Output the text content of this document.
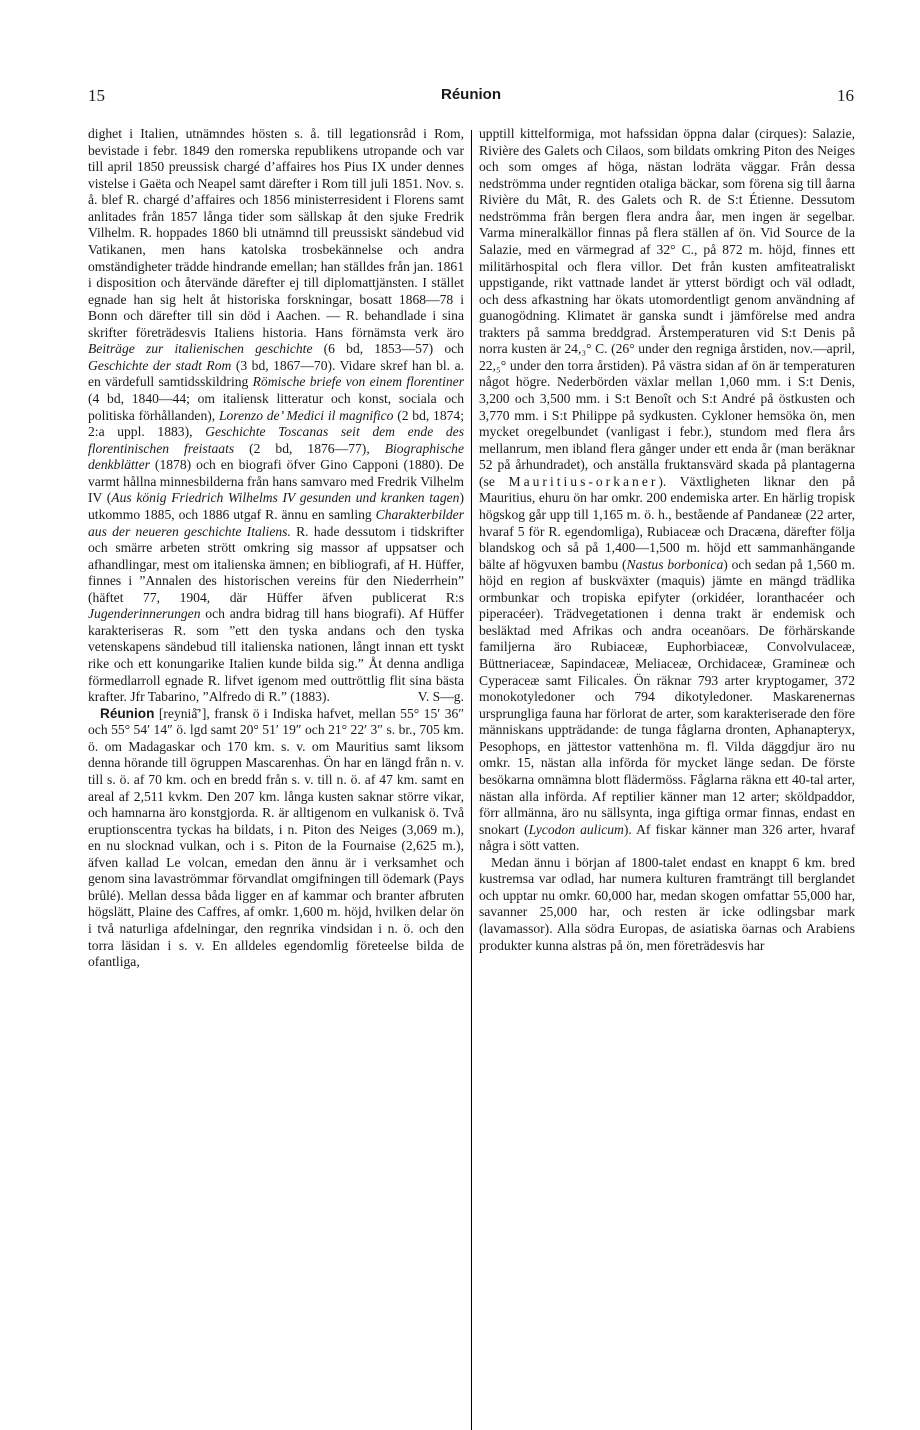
15	Réunion	16

dighet i Italien, utnämndes hösten s. å. till legationsråd i Rom, bevistade i febr. 1849 den romerska republikens utropande och var till april 1850 preussisk chargé d’affaires hos Pius IX under dennes vistelse i Gaëta och Neapel samt därefter i Rom till juli 1851. Nov. s. å. blef R. chargé d’affaires och 1856 ministerresident i Florens samt anlitades från 1857 långa tider som sällskap åt den sjuke Fredrik Vilhelm. R. hoppades 1860 bli utnämnd till preussiskt sändebud vid Vatikanen, men hans katolska trosbekännelse och andra omständigheter trädde hindrande emellan; han ställdes från jan. 1861 i disposition och återvände därefter ej till diplomattjänsten. I stället egnade han sig helt åt historiska forskningar, bosatt 1868—78 i Bonn och därefter till sin död i Aachen. — R. behandlade i sina skrifter företrädesvis Italiens historia. Hans förnämsta verk äro Beiträge zur italienischen geschichte (6 bd, 1853—57) och Geschichte der stadt Rom (3 bd, 1867—70). Vidare skref han bl. a. en värdefull samtidsskildring Römische briefe von einem florentiner (4 bd, 1840—44; om italiensk litteratur och konst, sociala och politiska förhållanden), Lorenzo de’ Medici il magnifico (2 bd, 1874; 2:a uppl. 1883), Geschichte Toscanas seit dem ende des florentinischen freistaats (2 bd, 1876—77), Biographische denkblätter (1878) och en biografi öfver Gino Capponi (1880). De varmt hållna minnesbilderna från hans samvaro med Fredrik Vilhelm IV (Aus könig Friedrich Wilhelms IV gesunden und kranken tagen) utkommo 1885, och 1886 utgaf R. ännu en samling Charakterbilder aus der neueren geschichte Italiens. R. hade dessutom i tidskrifter och smärre arbeten strött omkring sig massor af uppsatser och afhandlingar, mest om italienska ämnen; en bibliografi, af H. Hüffer, finnes i ”Annalen des historischen vereins für den Niederrhein” (häftet 77, 1904, där Hüffer äfven publicerat R:s Jugenderinnerungen och andra bidrag till hans biografi). Af Hüffer karakteriseras R. som ”ett den tyska andans och den tyska vetenskapens sändebud till italienska nationen, långt innan ett tyskt rike och ett konungarike Italien kunde bilda sig.” Åt denna andliga förmedlarroll egnade R. lifvet igenom med outtröttlig flit sina bästa krafter. Jfr Tabarino, ”Alfredo di R.” (1883).	V. S—g.

Réunion [reyniå̄’], fransk ö i Indiska hafvet, mellan 55° 15′ 36″ och 55° 54′ 14″ ö. lgd samt 20° 51′ 19″ och 21° 22′ 3″ s. br., 705 km. ö. om Madagaskar och 170 km. s. v. om Mauritius samt liksom denna hörande till ögruppen Mascarenhas. Ön har en längd från n. v. till s. ö. af 70 km. och en bredd från s. v. till n. ö. af 47 km. samt en areal af 2,511 kvkm. Den 207 km. långa kusten saknar större vikar, och hamnarna äro konstgjorda. R. är alltigenom en vulkanisk ö. Två eruptionscentra tyckas ha bildats, i n. Piton des Neiges (3,069 m.), en nu slocknad vulkan, och i s. Piton de la Fournaise (2,625 m.), äfven kallad Le volcan, emedan den ännu är i verksamhet och genom sina lavaströmmar förvandlat omgifningen till ödemark (Pays brûlé). Mellan dessa båda ligger en af kammar och branter afbruten högslätt, Plaine des Caffres, af omkr. 1,600 m. höjd, hvilken delar ön i två naturliga afdelningar, den regnrika vindsidan i n. ö. och den torra läsidan i s. v. En alldeles egendomlig företeelse bilda de ofantliga,

upptill kittelformiga, mot hafssidan öppna dalar (cirques): Salazie, Rivière des Galets och Cilaos, som bildats omkring Piton des Neiges och som omges af höga, nästan lodräta väggar. Från dessa nedströmma under regntiden otaliga bäckar, som förena sig till åarna Rivière du Mât, R. des Galets och R. de S:t Étienne. Dessutom nedströmma från bergen flera andra åar, men ingen är segelbar. Varma mineralkällor finnas på flera ställen af ön. Vid Source de la Salazie, med en värmegrad af 32° C., på 872 m. höjd, finnes ett militärhospital och flera villor. Det från kusten amfiteatraliskt uppstigande, rikt vattnade landet är ytterst bördigt och väl odladt, och dess afkastning har ökats utomordentligt genom användning af guanogödning. Klimatet är ganska sundt i jämförelse med andra trakters på samma breddgrad. Årstemperaturen vid S:t Denis på norra kusten är 24,₃° C. (26° under den regniga årstiden, nov.—april, 22,₅° under den torra årstiden). På västra sidan af ön är temperaturen något högre. Nederbörden växlar mellan 1,060 mm. i S:t Denis, 3,200 och 3,500 mm. i S:t Benoît och S:t André på östkusten och 3,770 mm. i S:t Philippe på sydkusten. Cykloner hemsöka ön, men mycket oregelbundet (vanligast i febr.), stundom med flera års mellanrum, men ibland flera gånger under ett enda år (man beräknar 52 på århundradet), och anställa fruktansvärd skada på plantagerna (se Mauritius-orkaner). Växtligheten liknar den på Mauritius, ehuru ön har omkr. 200 endemiska arter. En härlig tropisk högskog går upp till 1,165 m. ö. h., bestående af Pandaneæ (22 arter, hvaraf 5 för R. egendomliga), Rubiaceæ och Dracæna, därefter följa blandskog och så på 1,400—1,500 m. höjd ett sammanhängande bälte af högvuxen bambu (Nastus borbonica) och sedan på 1,560 m. höjd en region af buskväxter (maquis) jämte en mängd trädlika ormbunkar och tropiska epifyter (orkidéer, loranthacéer och piperacéer). Trädvegetationen i denna trakt är endemisk och besläktad med Afrikas och andra oceanöars. De förhärskande familjerna äro Rubiaceæ, Euphorbiaceæ, Convolvulaceæ, Büttneriaceæ, Sapindaceæ, Meliaceæ, Orchidaceæ, Gramineæ och Cyperaceæ samt Filicales. Ön räknar 793 arter kryptogamer, 372 monokotyledoner och 794 dikotyledoner. Maskarenernas ursprungliga fauna har förlorat de arter, som karakteriserade den före människans uppträdande: de tunga fåglarna dronten, Aphanapteryx, Pesophops, en jättestor vattenhöna m. fl. Vilda däggdjur äro nu omkr. 15, nästan alla införda för mycket länge sedan. De förste besökarna omnämna blott flädermöss. Fåglarna räkna ett 40-tal arter, nästan alla införda. Af reptilier känner man 12 arter; sköldpaddor, förr allmänna, äro nu sällsynta, inga giftiga ormar finnas, endast en snokart (Lycodon aulicum). Af fiskar känner man 326 arter, hvaraf några i sött vatten.

Medan ännu i början af 1800-talet endast en knappt 6 km. bred kustremsa var odlad, har numera kulturen framträngt till berglandet och upptar nu omkr. 60,000 har, medan skogen omfattar 55,000 har, savanner 25,000 har, och resten är icke odlingsbar mark (lavamassor). Alla södra Europas, de asiatiska öarnas och Arabiens produkter kunna alstras på ön, men företrädesvis har
